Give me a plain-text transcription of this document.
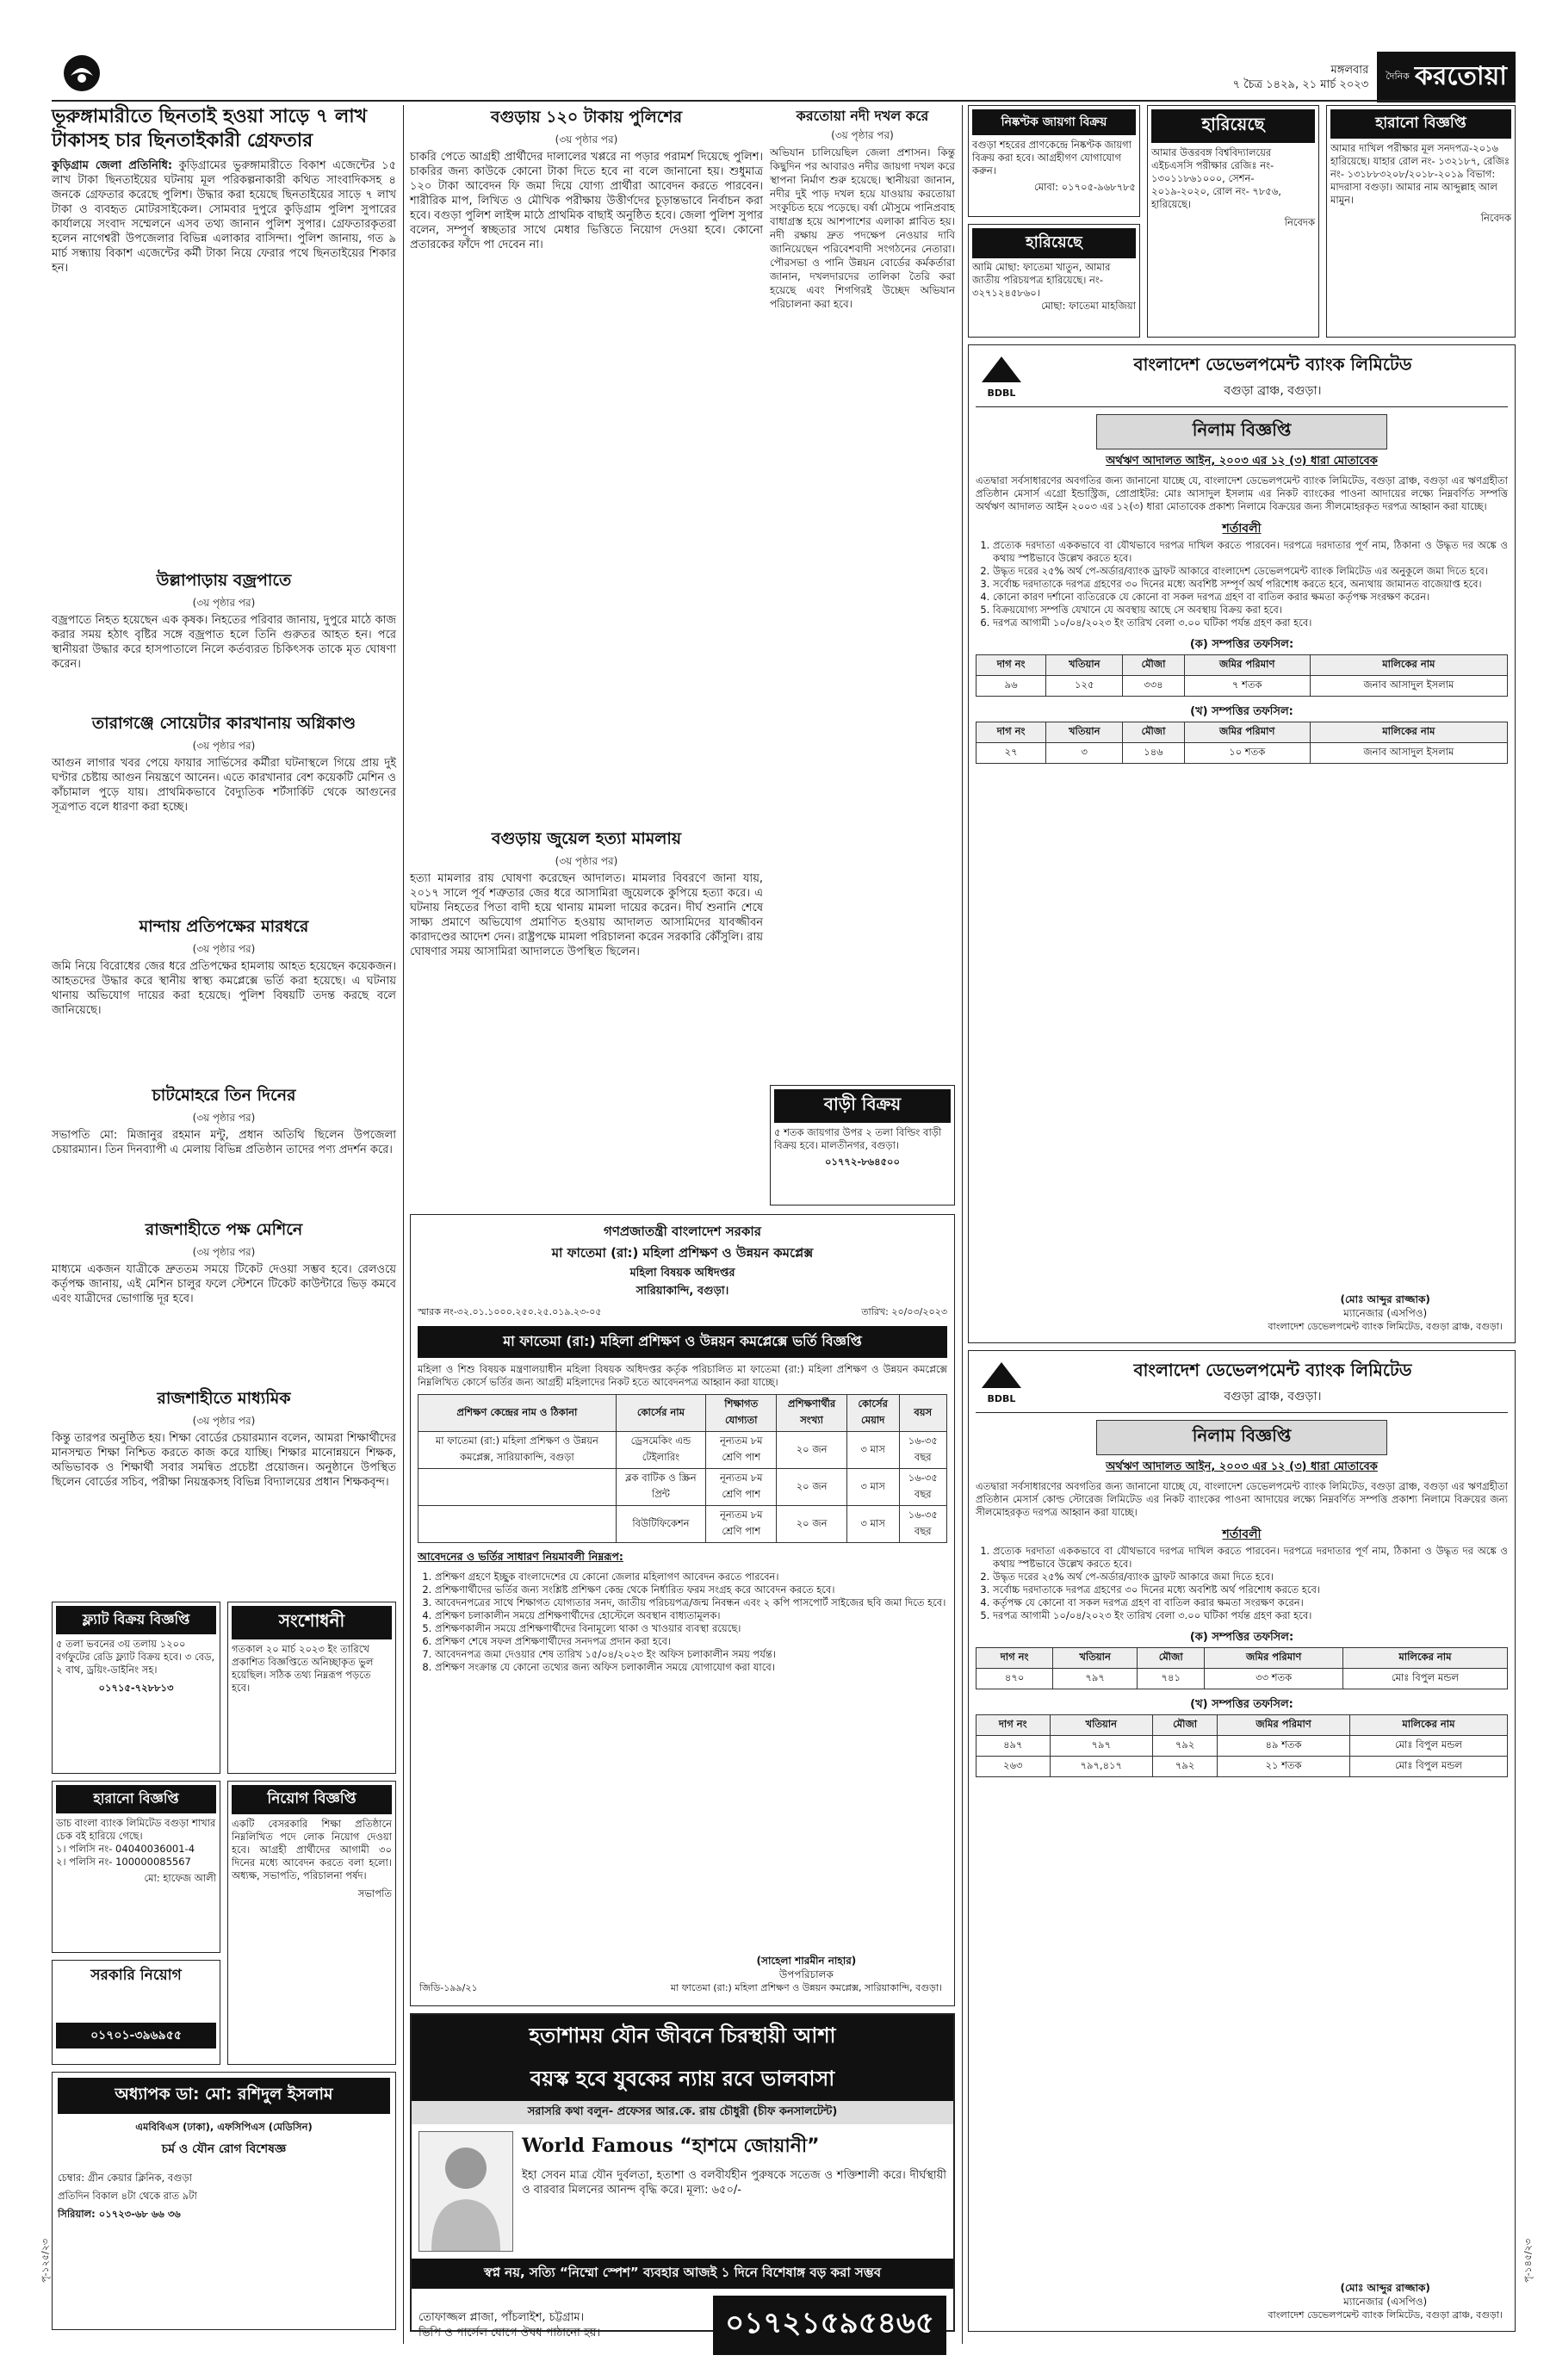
মঙ্গলবার
৭ চৈত্র ১৪২৯, ২১ মার্চ ২০২৩
দৈনিক করতোয়া
ভূরুঙ্গামারীতে ছিনতাই হওয়া সাড়ে ৭ লাখ টাকাসহ চার ছিনতাইকারী গ্রেফতার
কুড়িগ্রাম জেলা প্রতিনিধি: কুড়িগ্রামের ভুরুঙ্গামারীতে বিকাশ এজেন্টের ১৫ লাখ টাকা ছিনতাইয়ের ঘটনায় মূল পরিকল্পনাকারী কথিত সাংবাদিকসহ ৪ জনকে গ্রেফতার করেছে পুলিশ। উদ্ধার করা হয়েছে ছিনতাইয়ের সাড়ে ৭ লাখ টাকা ও ব্যবহৃত মোটরসাইকেল। সোমবার দুপুরে কুড়িগ্রাম পুলিশ সুপারের কার্যালয়ে সংবাদ সম্মেলনে এসব তথ্য জানান পুলিশ সুপার। গ্রেফতারকৃতরা হলেন নাগেশ্বরী উপজেলার বিভিন্ন এলাকার বাসিন্দা। পুলিশ জানায়, গত ৯ মার্চ সন্ধ্যায় বিকাশ এজেন্টের কর্মী টাকা নিয়ে ফেরার পথে ছিনতাইয়ের শিকার হন।
উল্লাপাড়ায় বজ্রপাতে
(৩য় পৃষ্ঠার পর)
বজ্রপাতে নিহত হয়েছেন এক কৃষক। নিহতের পরিবার জানায়, দুপুরে মাঠে কাজ করার সময় হঠাৎ বৃষ্টির সঙ্গে বজ্রপাত হলে তিনি গুরুতর আহত হন। পরে স্থানীয়রা উদ্ধার করে হাসপাতালে নিলে কর্তব্যরত চিকিৎসক তাকে মৃত ঘোষণা করেন।
তারাগঞ্জে সোয়েটার কারখানায় অগ্নিকাণ্ড
(৩য় পৃষ্ঠার পর)
আগুন লাগার খবর পেয়ে ফায়ার সার্ভিসের কর্মীরা ঘটনাস্থলে গিয়ে প্রায় দুই ঘণ্টার চেষ্টায় আগুন নিয়ন্ত্রণে আনেন। এতে কারখানার বেশ কয়েকটি মেশিন ও কাঁচামাল পুড়ে যায়। প্রাথমিকভাবে বৈদ্যুতিক শর্টসার্কিট থেকে আগুনের সূত্রপাত বলে ধারণা করা হচ্ছে।
মান্দায় প্রতিপক্ষের মারধরে
(৩য় পৃষ্ঠার পর)
জমি নিয়ে বিরোধের জের ধরে প্রতিপক্ষের হামলায় আহত হয়েছেন কয়েকজন। আহতদের উদ্ধার করে স্থানীয় স্বাস্থ্য কমপ্লেক্সে ভর্তি করা হয়েছে। এ ঘটনায় থানায় অভিযোগ দায়ের করা হয়েছে। পুলিশ বিষয়টি তদন্ত করছে বলে জানিয়েছে।
চাটমোহরে তিন দিনের
(৩য় পৃষ্ঠার পর)
সভাপতি মো: মিজানুর রহমান মন্টু, প্রধান অতিথি ছিলেন উপজেলা চেয়ারম্যান। তিন দিনব্যাপী এ মেলায় বিভিন্ন প্রতিষ্ঠান তাদের পণ্য প্রদর্শন করে।
রাজশাহীতে পক্ষ মেশিনে
(৩য় পৃষ্ঠার পর)
মাধ্যমে একজন যাত্রীকে দ্রুততম সময়ে টিকেট দেওয়া সম্ভব হবে। রেলওয়ে কর্তৃপক্ষ জানায়, এই মেশিন চালুর ফলে স্টেশনে টিকেট কাউন্টারে ভিড় কমবে এবং যাত্রীদের ভোগান্তি দূর হবে।
রাজশাহীতে মাধ্যমিক
(৩য় পৃষ্ঠার পর)
কিন্তু তারপর অনুষ্ঠিত হয়। শিক্ষা বোর্ডের চেয়ারম্যান বলেন, আমরা শিক্ষার্থীদের মানসম্মত শিক্ষা নিশ্চিত করতে কাজ করে যাচ্ছি। শিক্ষার মানোন্নয়নে শিক্ষক, অভিভাবক ও শিক্ষার্থী সবার সমন্বিত প্রচেষ্টা প্রয়োজন। অনুষ্ঠানে উপস্থিত ছিলেন বোর্ডের সচিব, পরীক্ষা নিয়ন্ত্রকসহ বিভিন্ন বিদ্যালয়ের প্রধান শিক্ষকবৃন্দ।
ফ্ল্যাট বিক্রয় বিজ্ঞপ্তি
৫ তলা ভবনের ৩য় তলায় ১২০০ বর্গফুটের রেডি ফ্ল্যাট বিক্রয় হবে। ৩ বেড, ২ বাথ, ড্রয়িং-ডাইনিং সহ।
০১৭১৫-৭২৮৮১৩
সংশোধনী
গতকাল ২০ মার্চ ২০২৩ ইং তারিখে প্রকাশিত বিজ্ঞপ্তিতে অনিচ্ছাকৃত ভুল হয়েছিল। সঠিক তথ্য নিম্নরূপ পড়তে হবে।
হারানো বিজ্ঞপ্তি
ডাচ বাংলা ব্যাংক লিমিটেড বগুড়া শাখার চেক বই হারিয়ে গেছে।
১। পলিসি নং- 04040036001-4
২। পলিসি নং- 100000085567
মো: হাফেজ আলী
নিয়োগ বিজ্ঞপ্তি
একটি বেসরকারি শিক্ষা প্রতিষ্ঠানে নিম্নলিখিত পদে লোক নিয়োগ দেওয়া হবে। আগ্রহী প্রার্থীদের আগামী ৩০ দিনের মধ্যে আবেদন করতে বলা হলো। অধ্যক্ষ, সভাপতি, পরিচালনা পর্ষদ।
সভাপতি
সরকারি নিয়োগ
০১৭০১-৩৯৬৯৫৫
অধ্যাপক ডা: মো: রশিদুল ইসলাম
এমবিবিএস (ঢাকা), এফসিপিএস (মেডিসিন)
চর্ম ও যৌন রোগ বিশেষজ্ঞ
চেম্বার: গ্রীন কেয়ার ক্লিনিক, বগুড়া
প্রতিদিন বিকাল ৪টা থেকে রাত ৯টা
সিরিয়াল: ০১৭২৩-৬৮ ৬৬ ৩৬
পৃ-১২৫/২৩
বগুড়ায় ১২০ টাকায় পুলিশের
(৩য় পৃষ্ঠার পর)
চাকরি পেতে আগ্রহী প্রার্থীদের দালালের খপ্পরে না পড়ার পরামর্শ দিয়েছে পুলিশ। চাকরির জন্য কাউকে কোনো টাকা দিতে হবে না বলে জানানো হয়। শুধুমাত্র ১২০ টাকা আবেদন ফি জমা দিয়ে যোগ্য প্রার্থীরা আবেদন করতে পারবেন। শারীরিক মাপ, লিখিত ও মৌখিক পরীক্ষায় উত্তীর্ণদের চূড়ান্তভাবে নির্বাচন করা হবে। বগুড়া পুলিশ লাইন্স মাঠে প্রাথমিক বাছাই অনুষ্ঠিত হবে। জেলা পুলিশ সুপার বলেন, সম্পূর্ণ স্বচ্ছতার সাথে মেধার ভিত্তিতে নিয়োগ দেওয়া হবে। কোনো প্রতারকের ফাঁদে পা দেবেন না।
করতোয়া নদী দখল করে
(৩য় পৃষ্ঠার পর)
অভিযান চালিয়েছিল জেলা প্রশাসন। কিন্তু কিছুদিন পর আবারও নদীর জায়গা দখল করে স্থাপনা নির্মাণ শুরু হয়েছে। স্থানীয়রা জানান, নদীর দুই পাড় দখল হয়ে যাওয়ায় করতোয়া সংকুচিত হয়ে পড়েছে। বর্ষা মৌসুমে পানিপ্রবাহ বাধাগ্রস্ত হয়ে আশপাশের এলাকা প্লাবিত হয়। নদী রক্ষায় দ্রুত পদক্ষেপ নেওয়ার দাবি জানিয়েছেন পরিবেশবাদী সংগঠনের নেতারা। পৌরসভা ও পানি উন্নয়ন বোর্ডের কর্মকর্তারা জানান, দখলদারদের তালিকা তৈরি করা হয়েছে এবং শিগগিরই উচ্ছেদ অভিযান পরিচালনা করা হবে।
বগুড়ায় জুয়েল হত্যা মামলায়
(৩য় পৃষ্ঠার পর)
হত্যা মামলার রায় ঘোষণা করেছেন আদালত। মামলার বিবরণে জানা যায়, ২০১৭ সালে পূর্ব শত্রুতার জের ধরে আসামিরা জুয়েলকে কুপিয়ে হত্যা করে। এ ঘটনায় নিহতের পিতা বাদী হয়ে থানায় মামলা দায়ের করেন। দীর্ঘ শুনানি শেষে সাক্ষ্য প্রমাণে অভিযোগ প্রমাণিত হওয়ায় আদালত আসামিদের যাবজ্জীবন কারাদণ্ডের আদেশ দেন। রাষ্ট্রপক্ষে মামলা পরিচালনা করেন সরকারি কৌঁসুলি। রায় ঘোষণার সময় আসামিরা আদালতে উপস্থিত ছিলেন।
বাড়ী বিক্রয়
৫ শতক জায়গার উপর ২ তলা বিল্ডিং বাড়ী বিক্রয় হবে। মালতীনগর, বগুড়া।
০১৭৭২-৮৬৪৫০০
গণপ্রজাতন্ত্রী বাংলাদেশ সরকার
মা ফাতেমা (রা:) মহিলা প্রশিক্ষণ ও উন্নয়ন কমপ্লেক্স
মহিলা বিষয়ক অধিদপ্তর
সারিয়াকান্দি, বগুড়া।
স্মারক নং-৩২.০১.১০০০.২৫০.২৫.০১৯.২৩-০৫	তারিখ: ২০/০৩/২০২৩
মা ফাতেমা (রা:) মহিলা প্রশিক্ষণ ও উন্নয়ন কমপ্লেক্সে ভর্তি বিজ্ঞপ্তি
মহিলা ও শিশু বিষয়ক মন্ত্রণালয়াধীন মহিলা বিষয়ক অধিদপ্তর কর্তৃক পরিচালিত মা ফাতেমা (রা:) মহিলা প্রশিক্ষণ ও উন্নয়ন কমপ্লেক্সে নিম্নলিখিত কোর্সে ভর্তির জন্য আগ্রহী মহিলাদের নিকট হতে আবেদনপত্র আহ্বান করা যাচ্ছে।
প্রশিক্ষণ কেন্দ্রের নাম ও ঠিকানা	কোর্সের নাম	শিক্ষাগত যোগ্যতা	প্রশিক্ষণার্থীর সংখ্যা	কোর্সের মেয়াদ	বয়স
মা ফাতেমা (রা:) মহিলা প্রশিক্ষণ ও উন্নয়ন কমপ্লেক্স, সারিয়াকান্দি, বগুড়া	ড্রেসমেকিং এন্ড টেইলারিং	নূন্যতম ৮ম শ্রেণি পাশ	২০ জন	৩ মাস	১৬-৩৫ বছর
	ব্লক বাটিক ও স্ক্রিন প্রিন্ট	নূন্যতম ৮ম শ্রেণি পাশ	২০ জন	৩ মাস	১৬-৩৫ বছর
	বিউটিফিকেশন	নূন্যতম ৮ম শ্রেণি পাশ	২০ জন	৩ মাস	১৬-৩৫ বছর
আবেদনের ও ভর্তির সাধারণ নিয়মাবলী নিম্নরূপ:
1. প্রশিক্ষণ গ্রহণে ইচ্ছুক বাংলাদেশের যে কোনো জেলার মহিলাগণ আবেদন করতে পারবেন।
2. প্রশিক্ষণার্থীদের ভর্তির জন্য সংশ্লিষ্ট প্রশিক্ষণ কেন্দ্র থেকে নির্ধারিত ফরম সংগ্রহ করে আবেদন করতে হবে।
3. আবেদনপত্রের সাথে শিক্ষাগত যোগ্যতার সনদ, জাতীয় পরিচয়পত্র/জন্ম নিবন্ধন এবং ২ কপি পাসপোর্ট সাইজের ছবি জমা দিতে হবে।
4. প্রশিক্ষণ চলাকালীন সময়ে প্রশিক্ষণার্থীদের হোস্টেলে অবস্থান বাধ্যতামূলক।
5. প্রশিক্ষণকালীন সময়ে প্রশিক্ষণার্থীদের বিনামূল্যে থাকা ও খাওয়ার ব্যবস্থা রয়েছে।
6. প্রশিক্ষণ শেষে সফল প্রশিক্ষণার্থীদের সনদপত্র প্রদান করা হবে।
7. আবেদনপত্র জমা দেওয়ার শেষ তারিখ ১৫/০৪/২০২৩ ইং অফিস চলাকালীন সময় পর্যন্ত।
8. প্রশিক্ষণ সংক্রান্ত যে কোনো তথ্যের জন্য অফিস চলাকালীন সময়ে যোগাযোগ করা যাবে।
(সাহেলা শারমীন নাহার)
উপপরিচালক
মা ফাতেমা (রা:) মহিলা প্রশিক্ষণ ও উন্নয়ন কমপ্লেক্স, সারিয়াকান্দি, বগুড়া।
জিডি-১৯৯/২১
হতাশাময় যৌন জীবনে চিরস্থায়ী আশা
বয়স্ক হবে যুবকের ন্যায় রবে ভালবাসা
সরাসরি কথা বলুন- প্রফেসর আর.কে. রায় চৌধুরী (চীফ কনসালটেন্ট)
World Famous “হাশমে জোয়ানী”
ইহা সেবন মাত্র যৌন দুর্বলতা, হতাশা ও বলবীর্যহীন পুরুষকে সতেজ ও শক্তিশালী করে। দীর্ঘস্থায়ী ও বারবার মিলনের আনন্দ বৃদ্ধি করে। মূল্য: ৬৫০/-
স্বপ্ন নয়, সত্যি “নিম্মো স্পেশ” ব্যবহার আজই ১ দিনে বিশেষাঙ্গ বড় করা সম্ভব
তোফাজ্জল প্লাজা, পাঁচলাইশ, চট্টগ্রাম।
ভিপি ও পার্সেল যোগে ঔষধ পাঠানো হয়।	০১৭২১৫৯৫৪৬৫
নিষ্কণ্টক জায়গা বিক্রয়
বগুড়া শহরের প্রাণকেন্দ্রে নিষ্কণ্টক জায়গা বিক্রয় করা হবে। আগ্রহীগণ যোগাযোগ করুন।
মোবা: ০১৭০৫-৯৬৮৭৮৫
হারিয়েছে
আমার উত্তরবঙ্গ বিশ্ববিদ্যালয়ের এইচএসসি পরীক্ষার রেজিঃ নং- ১৩০১১৮৬১০০০, সেশন- ২০১৯-২০২০, রোল নং- ৭৮৫৬, হারিয়েছে।
নিবেদক
হারানো বিজ্ঞপ্তি
আমার দাখিল পরীক্ষার মূল সনদপত্র-২০১৬ হারিয়েছে। যাহার রোল নং- ১৩২১৮৭, রেজিঃ নং- ১৩১৮৮৩২০৮/২০১৮-২০১৯ বিভাগ: মাদরাসা বগুড়া। আমার নাম আব্দুল্লাহ আল মামুন।
নিবেদক
হারিয়েছে
আমি মোছা: ফাতেমা খাতুন, আমার জাতীয় পরিচয়পত্র হারিয়েছে। নং- ৩২৭১২৪৫৮৬০।
মোছা: ফাতেমা মাহজিয়া
BDBL
বাংলাদেশ ডেভেলপমেন্ট ব্যাংক লিমিটেড
বগুড়া ব্রাঞ্চ, বগুড়া।
নিলাম বিজ্ঞপ্তি
অর্থঋণ আদালত আইন, ২০০৩ এর ১২ (৩) ধারা মোতাবেক
এতদ্বারা সর্বসাধারণের অবগতির জন্য জানানো যাচ্ছে যে, বাংলাদেশ ডেভেলপমেন্ট ব্যাংক লিমিটেড, বগুড়া ব্রাঞ্চ, বগুড়া এর ঋণগ্রহীতা প্রতিষ্ঠান মেসার্স এগ্রো ইন্ডাস্ট্রিজ, প্রোপ্রাইটর: মোঃ আসাদুল ইসলাম এর নিকট ব্যাংকের পাওনা আদায়ের লক্ষ্যে নিম্নবর্ণিত সম্পত্তি অর্থঋণ আদালত আইন ২০০৩ এর ১২(৩) ধারা মোতাবেক প্রকাশ্য নিলামে বিক্রয়ের জন্য সীলমোহরকৃত দরপত্র আহ্বান করা যাচ্ছে।
শর্তাবলী
1. প্রত্যেক দরদাতা এককভাবে বা যৌথভাবে দরপত্র দাখিল করতে পারবেন। দরপত্রে দরদাতার পূর্ণ নাম, ঠিকানা ও উদ্ধৃত দর অঙ্কে ও কথায় স্পষ্টভাবে উল্লেখ করতে হবে।
2. উদ্ধৃত দরের ২৫% অর্থ পে-অর্ডার/ব্যাংক ড্রাফট আকারে বাংলাদেশ ডেভেলপমেন্ট ব্যাংক লিমিটেড এর অনুকূলে জমা দিতে হবে।
3. সর্বোচ্চ দরদাতাকে দরপত্র গ্রহণের ৩০ দিনের মধ্যে অবশিষ্ট সম্পূর্ণ অর্থ পরিশোধ করতে হবে, অন্যথায় জামানত বাজেয়াপ্ত হবে।
4. কোনো কারণ দর্শানো ব্যতিরেকে যে কোনো বা সকল দরপত্র গ্রহণ বা বাতিল করার ক্ষমতা কর্তৃপক্ষ সংরক্ষণ করেন।
5. বিক্রয়যোগ্য সম্পত্তি যেখানে যে অবস্থায় আছে সে অবস্থায় বিক্রয় করা হবে।
6. দরপত্র আগামী ১০/০৪/২০২৩ ইং তারিখ বেলা ৩.০০ ঘটিকা পর্যন্ত গ্রহণ করা হবে।
(ক) সম্পত্তির তফসিল:
দাগ নং	খতিয়ান	মৌজা	জমির পরিমাণ	মালিকের নাম
৯৬	১২৫	৩৩৪	৭ শতক	জনাব আসাদুল ইসলাম
(খ) সম্পত্তির তফসিল:
দাগ নং	খতিয়ান	মৌজা	জমির পরিমাণ	মালিকের নাম
২৭	৩	১৪৬	১০ শতক	জনাব আসাদুল ইসলাম
(মোঃ আব্দুর রাজ্জাক)
ম্যানেজার (এসপিও)
বাংলাদেশ ডেভেলপমেন্ট ব্যাংক লিমিটেড, বগুড়া ব্রাঞ্চ, বগুড়া।
BDBL
বাংলাদেশ ডেভেলপমেন্ট ব্যাংক লিমিটেড
বগুড়া ব্রাঞ্চ, বগুড়া।
নিলাম বিজ্ঞপ্তি
অর্থঋণ আদালত আইন, ২০০৩ এর ১২ (৩) ধারা মোতাবেক
এতদ্বারা সর্বসাধারণের অবগতির জন্য জানানো যাচ্ছে যে, বাংলাদেশ ডেভেলপমেন্ট ব্যাংক লিমিটেড, বগুড়া ব্রাঞ্চ, বগুড়া এর ঋণগ্রহীতা প্রতিষ্ঠান মেসার্স কোল্ড স্টোরেজ লিমিটেড এর নিকট ব্যাংকের পাওনা আদায়ের লক্ষ্যে নিম্নবর্ণিত সম্পত্তি প্রকাশ্য নিলামে বিক্রয়ের জন্য সীলমোহরকৃত দরপত্র আহ্বান করা যাচ্ছে।
শর্তাবলী
1. প্রত্যেক দরদাতা এককভাবে বা যৌথভাবে দরপত্র দাখিল করতে পারবেন। দরপত্রে দরদাতার পূর্ণ নাম, ঠিকানা ও উদ্ধৃত দর অঙ্কে ও কথায় স্পষ্টভাবে উল্লেখ করতে হবে।
2. উদ্ধৃত দরের ২৫% অর্থ পে-অর্ডার/ব্যাংক ড্রাফট আকারে জমা দিতে হবে।
3. সর্বোচ্চ দরদাতাকে দরপত্র গ্রহণের ৩০ দিনের মধ্যে অবশিষ্ট অর্থ পরিশোধ করতে হবে।
4. কর্তৃপক্ষ যে কোনো বা সকল দরপত্র গ্রহণ বা বাতিল করার ক্ষমতা সংরক্ষণ করেন।
5. দরপত্র আগামী ১০/০৪/২০২৩ ইং তারিখ বেলা ৩.০০ ঘটিকা পর্যন্ত গ্রহণ করা হবে।
(ক) সম্পত্তির তফসিল:
দাগ নং	খতিয়ান	মৌজা	জমির পরিমাণ	মালিকের নাম
৪৭০	৭৯৭	৭৪১	৩৩ শতক	মোঃ বিপুল মন্ডল
(খ) সম্পত্তির তফসিল:
দাগ নং	খতিয়ান	মৌজা	জমির পরিমাণ	মালিকের নাম
৪৯৭	৭৯৭	৭৯২	৪৯ শতক	মোঃ বিপুল মন্ডল
২৬৩	৭৯৭,৪১৭	৭৯২	২১ শতক	মোঃ বিপুল মন্ডল
(মোঃ আব্দুর রাজ্জাক)
ম্যানেজার (এসপিও)
বাংলাদেশ ডেভেলপমেন্ট ব্যাংক লিমিটেড, বগুড়া ব্রাঞ্চ, বগুড়া।
পৃ-১৪৫/২৩
